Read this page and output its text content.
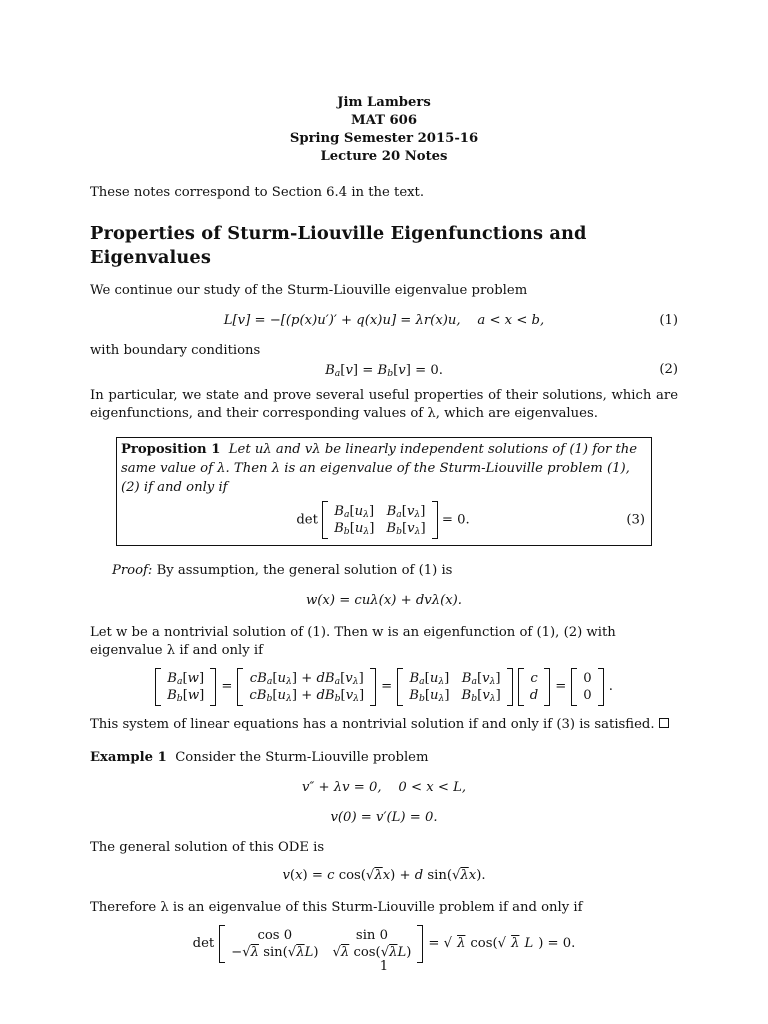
Jim Lambers
MAT 606
Spring Semester 2015-16
Lecture 20 Notes

These notes correspond to Section 6.4 in the text.

Properties of Sturm-Liouville Eigenfunctions and Eigenvalues

We continue our study of the Sturm-Liouville eigenvalue problem

L[v] = −[(p(x)u′)′ + q(x)u] = λr(x)u, a < x < b,	(1)

with boundary conditions

$B_a[v] = B_b[v] = 0$.	(2)

In particular, we state and prove several useful properties of their solutions, which are eigenfunctions, and their corresponding values of λ, which are eigenvalues.

Proposition 1 Let uλ and vλ be linearly independent solutions of (1) for the same value of λ. Then λ is an eigenvalue of the Sturm-Liouville problem (1), (2) if and only if
det
$B_a[u_\lambda]$ $B_a[v_\lambda]$
$B_b[u_\lambda]$ $B_b[v_\lambda]$
= 0.	(3)

Proof: By assumption, the general solution of (1) is

w(x) = cuλ(x) + dvλ(x).

Let w be a nontrivial solution of (1). Then w is an eigenfunction of (1), (2) with eigenvalue λ if and only if

$B_a[w]$
$B_b[w]$
=
$cB_a[u_\lambda] + dB_a[v_\lambda]$
$cB_b[u_\lambda] + dB_b[v_\lambda]$
=
$B_a[u_\lambda]$ $B_a[v_\lambda]$
$B_b[u_\lambda]$ $B_b[v_\lambda]$
c
d
=
0
0
.

This system of linear equations has a nontrivial solution if and only if (3) is satisfied.

Example 1 Consider the Sturm-Liouville problem

v″ + λv = 0, 0 < x < L,
v(0) = v′(L) = 0.

The general solution of this ODE is

v(x) = c cos(√λx) + d sin(√λx).

Therefore λ is an eigenvalue of this Sturm-Liouville problem if and only if

det
cos 0	sin 0
−√λ sin(√λL) √λ cos(√λL)
= √ λ cos(√ λ L ) = 0.
1
